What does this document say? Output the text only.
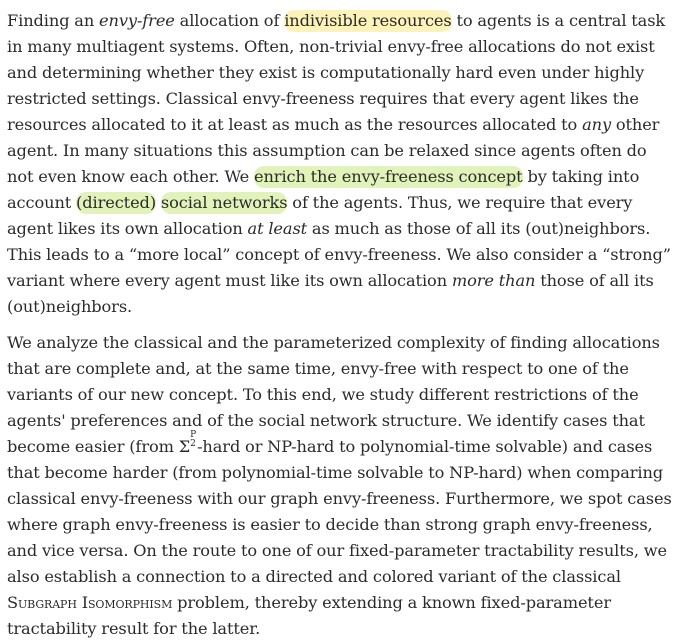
Finding an envy-free allocation of indivisible resources to agents is a central task in many multiagent systems. Often, non-trivial envy-free allocations do not exist and determining whether they exist is computationally hard even under highly restricted settings. Classical envy-freeness requires that every agent likes the resources allocated to it at least as much as the resources allocated to any other agent. In many situations this assumption can be relaxed since agents often do not even know each other. We enrich the envy-freeness concept by taking into account (directed) social networks of the agents. Thus, we require that every agent likes its own allocation at least as much as those of all its (out)neighbors. This leads to a “more local” concept of envy-freeness. We also consider a “strong” variant where every agent must like its own allocation more than those of all its (out)neighbors.

We analyze the classical and the parameterized complexity of finding allocations that are complete and, at the same time, envy-free with respect to one of the variants of our new concept. To this end, we study different restrictions of the agents' preferences and of the social network structure. We identify cases that become easier (from Σ
P
2 -hard or NP-hard to polynomial-time solvable) and cases that become harder (from polynomial-time solvable to NP-hard) when comparing classical envy-freeness with our graph envy-freeness. Furthermore, we spot cases where graph envy-freeness is easier to decide than strong graph envy-freeness, and vice versa. On the route to one of our fixed-parameter tractability results, we also establish a connection to a directed and colored variant of the classical Subgraph Isomorphism problem, thereby extending a known fixed-parameter tractability result for the latter.
